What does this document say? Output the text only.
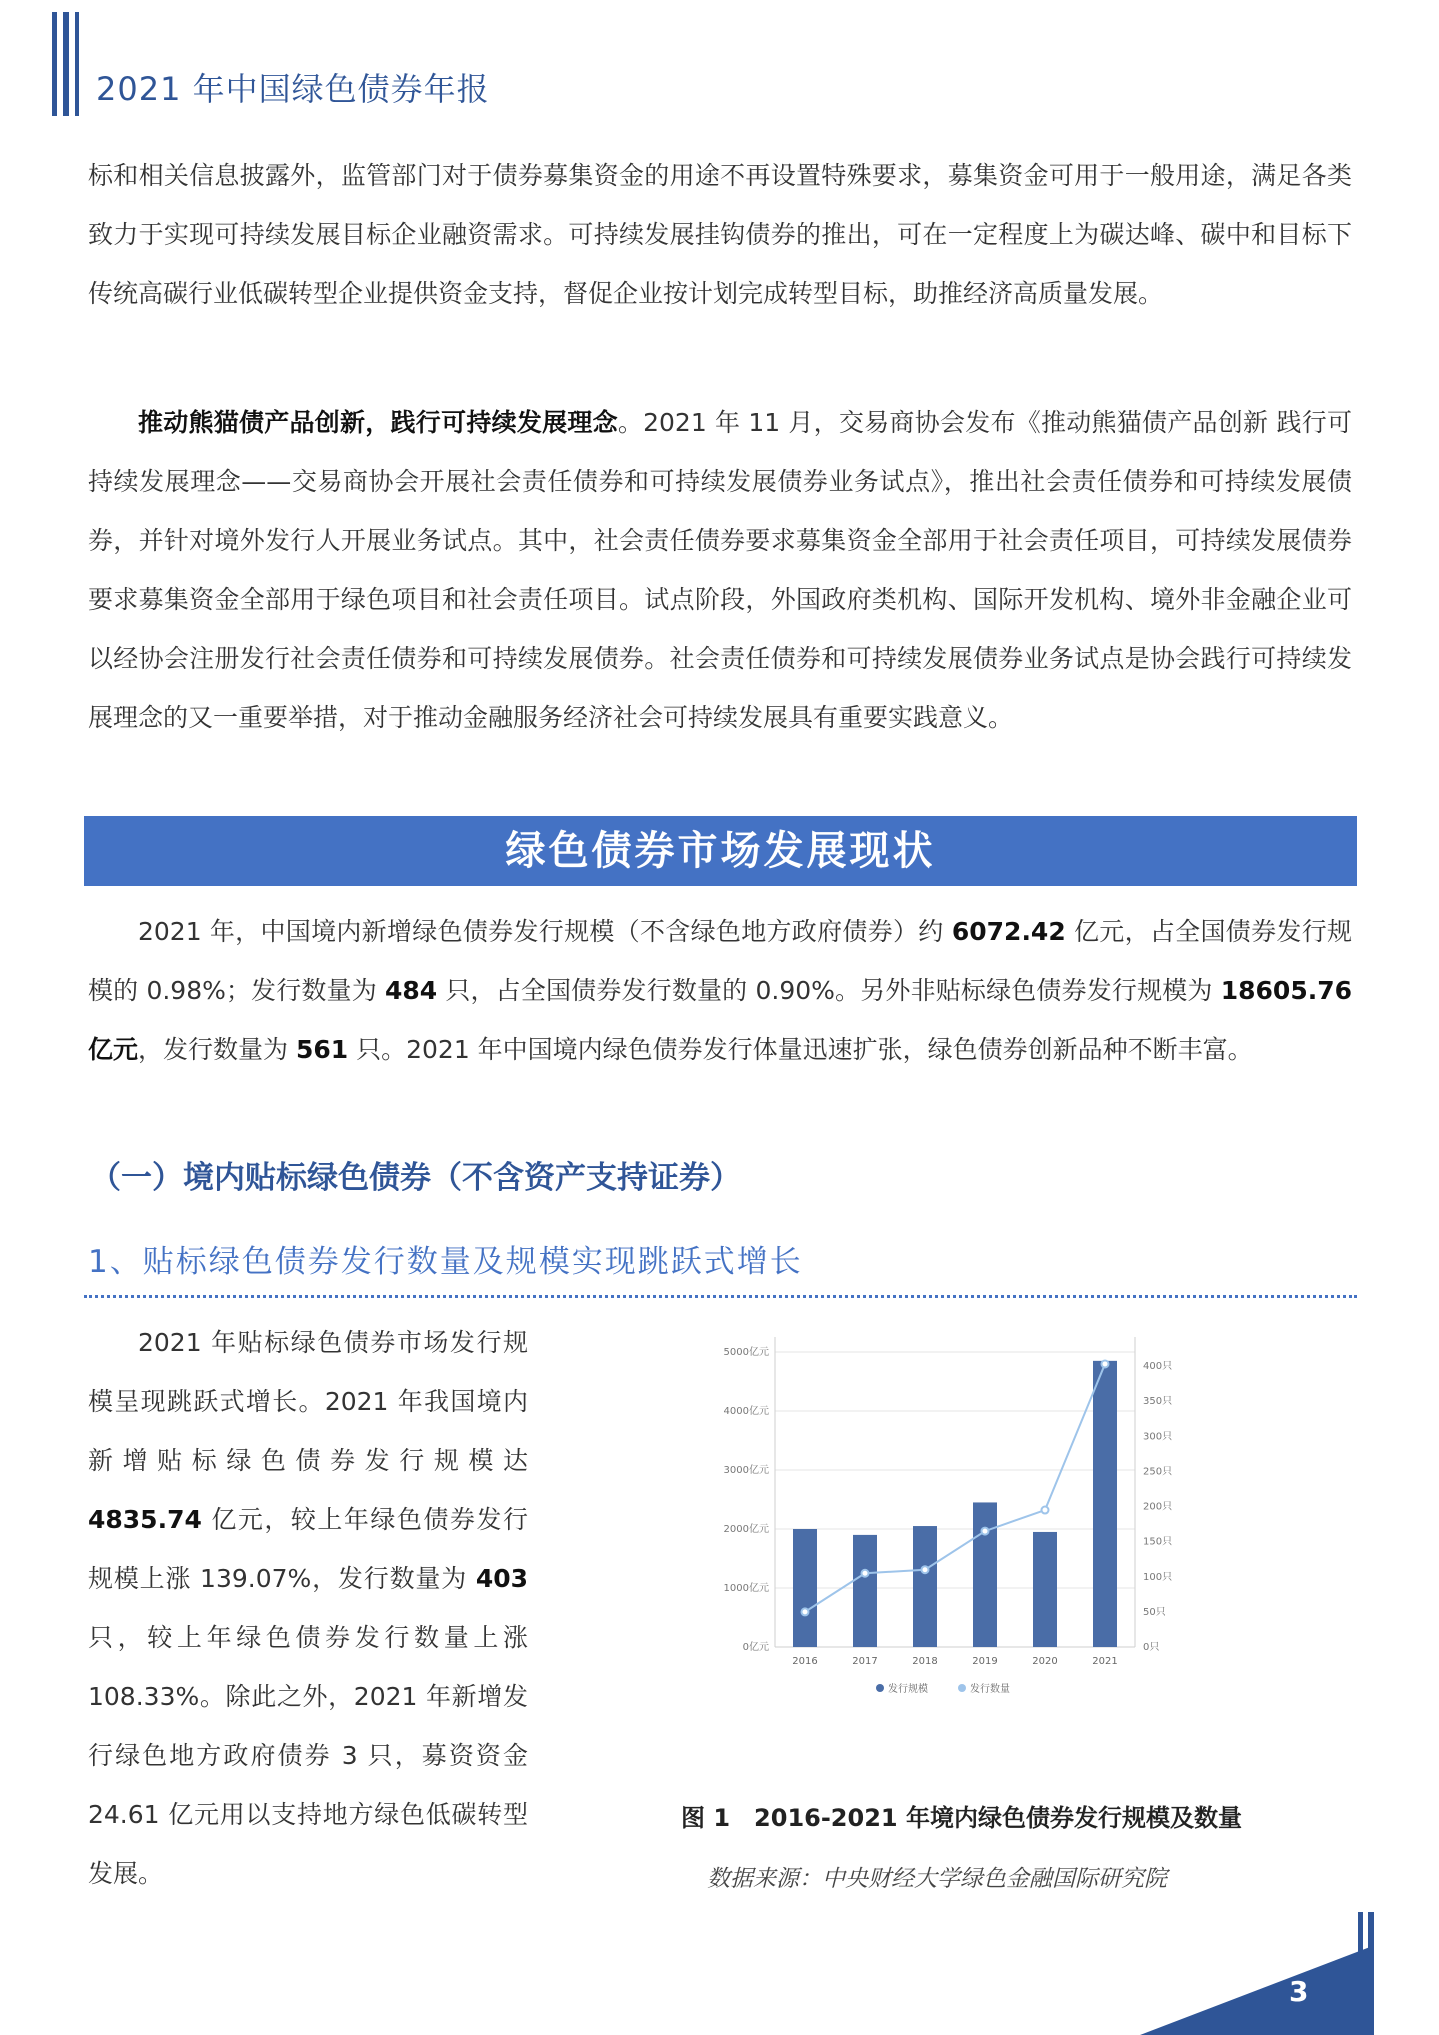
2021 年中国绿色债券年报

标和相关信息披露外，监管部门对于债券募集资金的用途不再设置特殊要求，募集资金可用于一般用途，满足各类致力于实现可持续发展目标企业融资需求。可持续发展挂钩债券的推出，可在一定程度上为碳达峰、碳中和目标下传统高碳行业低碳转型企业提供资金支持，督促企业按计划完成转型目标，助推经济高质量发展。

推动熊猫债产品创新，践行可持续发展理念。2021 年 11 月，交易商协会发布《推动熊猫债产品创新 践行可持续发展理念——交易商协会开展社会责任债券和可持续发展债券业务试点》，推出社会责任债券和可持续发展债券，并针对境外发行人开展业务试点。其中，社会责任债券要求募集资金全部用于社会责任项目，可持续发展债券要求募集资金全部用于绿色项目和社会责任项目。试点阶段，外国政府类机构、国际开发机构、境外非金融企业可以经协会注册发行社会责任债券和可持续发展债券。社会责任债券和可持续发展债券业务试点是协会践行可持续发展理念的又一重要举措，对于推动金融服务经济社会可持续发展具有重要实践意义。

绿色债券市场发展现状

2021 年，中国境内新增绿色债券发行规模（不含绿色地方政府债券）约 6072.42 亿元，占全国债券发行规模的 0.98%；发行数量为 484 只，占全国债券发行数量的 0.90%。另外非贴标绿色债券发行规模为 18605.76 亿元，发行数量为 561 只。2021 年中国境内绿色债券发行体量迅速扩张，绿色债券创新品种不断丰富。

（一）境内贴标绿色债券（不含资产支持证券）
1、贴标绿色债券发行数量及规模实现跳跃式增长

2021 年贴标绿色债券市场发行规模呈现跳跃式增长。2021 年我国境内新增贴标绿色债券发行规模达 4835.74 亿元，较上年绿色债券发行规模上涨 139.07%，发行数量为 403 只，较上年绿色债券发行数量上涨 108.33%。除此之外，2021 年新增发行绿色地方政府债券 3 只，募资资金 24.61 亿元用以支持地方绿色低碳转型发展。

0亿元
1000亿元
2000亿元
3000亿元
4000亿元
5000亿元
0只
50只
100只
150只
200只
250只
300只
350只
400只
2016	2017	2018	2019	2020	2021
发行规模	发行数量
图 1　2016-2021 年境内绿色债券发行规模及数量
数据来源：中央财经大学绿色金融国际研究院
3
